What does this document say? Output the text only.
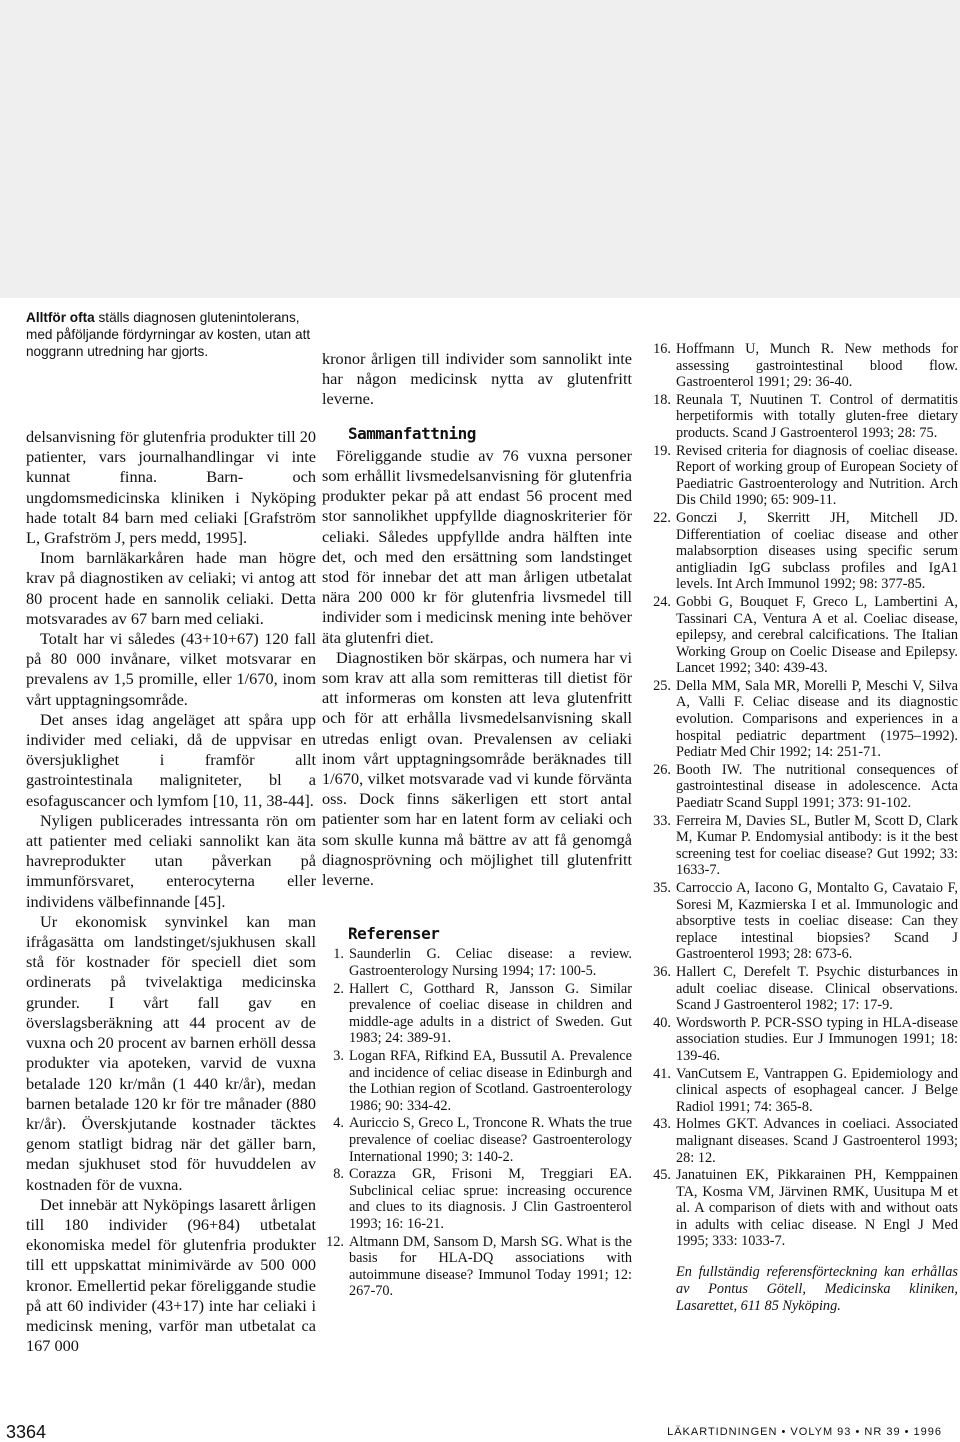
Alltför ofta ställs diagnosen glutenintolerans, med påföljande fördyrningar av kosten, utan att noggrann utredning har gjorts.

delsanvisning för glutenfria produkter till 20 patienter, vars journalhandlingar vi inte kunnat finna. Barn- och ungdomsmedicinska kliniken i Nyköping hade totalt 84 barn med celiaki [Grafström L, Grafström J, pers medd, 1995].

Inom barnläkarkåren hade man högre krav på diagnostiken av celiaki; vi antog att 80 procent hade en sannolik celiaki. Detta motsvarades av 67 barn med celiaki.

Totalt har vi således (43+10+67) 120 fall på 80 000 invånare, vilket motsvarar en prevalens av 1,5 promille, eller 1/670, inom vårt upptagningsområde.

Det anses idag angeläget att spåra upp individer med celiaki, då de uppvisar en översjuklighet i framför allt gastrointestinala maligniteter, bl a esofaguscancer och lymfom [10, 11, 38-44].

Nyligen publicerades intressanta rön om att patienter med celiaki sannolikt kan äta havreprodukter utan påverkan på immunförsvaret, enterocyterna eller individens välbefinnande [45].

Ur ekonomisk synvinkel kan man ifrågasätta om landstinget/sjukhusen skall stå för kostnader för speciell diet som ordinerats på tvivelaktiga medicinska grunder. I vårt fall gav en överslagsberäkning att 44 procent av de vuxna och 20 procent av barnen erhöll dessa produkter via apoteken, varvid de vuxna betalade 120 kr/mån (1 440 kr/år), medan barnen betalade 120 kr för tre månader (880 kr/år). Överskjutande kostnader täcktes genom statligt bidrag när det gäller barn, medan sjukhuset stod för huvuddelen av kostnaden för de vuxna.

Det innebär att Nyköpings lasarett årligen till 180 individer (96+84) utbetalat ekonomiska medel för glutenfria produkter till ett uppskattat minimivärde av 500 000 kronor. Emellertid pekar föreliggande studie på att 60 individer (43+17) inte har celiaki i medicinsk mening, varför man utbetalat ca 167 000

kronor årligen till individer som sannolikt inte har någon medicinsk nytta av glutenfritt leverne.

Sammanfattning

Föreliggande studie av 76 vuxna personer som erhållit livsmedelsanvisning för glutenfria produkter pekar på att endast 56 procent med stor sannolikhet uppfyllde diagnoskriterier för celiaki. Således uppfyllde andra hälften inte det, och med den ersättning som landstinget stod för innebar det att man årligen utbetalat nära 200 000 kr för glutenfria livsmedel till individer som i medicinsk mening inte behöver äta glutenfri diet.

Diagnostiken bör skärpas, och numera har vi som krav att alla som remitteras till dietist för att informeras om konsten att leva glutenfritt och för att erhålla livsmedelsanvisning skall utredas enligt ovan. Prevalensen av celiaki inom vårt upptagningsområde beräknades till 1/670, vilket motsvarade vad vi kunde förvänta oss. Dock finns säkerligen ett stort antal patienter som har en latent form av celiaki och som skulle kunna må bättre av att få genomgå diagnosprövning och möjlighet till glutenfritt leverne.

Referenser
1. Saunderlin G. Celiac disease: a review. Gastroenterology Nursing 1994; 17: 100-5.
2. Hallert C, Gotthard R, Jansson G. Similar prevalence of coeliac disease in children and middle-age adults in a district of Sweden. Gut 1983; 24: 389-91.
3. Logan RFA, Rifkind EA, Bussutil A. Prevalence and incidence of celiac disease in Edinburgh and the Lothian region of Scotland. Gastroenterology 1986; 90: 334-42.
4. Auriccio S, Greco L, Troncone R. Whats the true prevalence of coeliac disease? Gastroenterology International 1990; 3: 140-2.
8. Corazza GR, Frisoni M, Treggiari EA. Subclinical celiac sprue: increasing occurence and clues to its diagnosis. J Clin Gastroenterol 1993; 16: 16-21.
12. Altmann DM, Sansom D, Marsh SG. What is the basis for HLA-DQ associations with autoimmune disease? Immunol Today 1991; 12: 267-70.
16. Hoffmann U, Munch R. New methods for assessing gastrointestinal blood flow. Gastroenterol 1991; 29: 36-40.
18. Reunala T, Nuutinen T. Control of dermatitis herpetiformis with totally gluten-free dietary products. Scand J Gastroenterol 1993; 28: 75.
19. Revised criteria for diagnosis of coeliac disease. Report of working group of European Society of Paediatric Gastroenterology and Nutrition. Arch Dis Child 1990; 65: 909-11.
22. Gonczi J, Skerritt JH, Mitchell JD. Differentiation of coeliac disease and other malabsorption diseases using specific serum antigliadin IgG subclass profiles and IgA1 levels. Int Arch Immunol 1992; 98: 377-85.
24. Gobbi G, Bouquet F, Greco L, Lambertini A, Tassinari CA, Ventura A et al. Coeliac disease, epilepsy, and cerebral calcifications. The Italian Working Group on Coelic Disease and Epilepsy. Lancet 1992; 340: 439-43.
25. Della MM, Sala MR, Morelli P, Meschi V, Silva A, Valli F. Celiac disease and its diagnostic evolution. Comparisons and experiences in a hospital pediatric department (1975–1992). Pediatr Med Chir 1992; 14: 251-71.
26. Booth IW. The nutritional consequences of gastrointestinal disease in adolescence. Acta Paediatr Scand Suppl 1991; 373: 91-102.
33. Ferreira M, Davies SL, Butler M, Scott D, Clark M, Kumar P. Endomysial antibody: is it the best screening test for coeliac disease? Gut 1992; 33: 1633-7.
35. Carroccio A, Iacono G, Montalto G, Cavataio F, Soresi M, Kazmierska I et al. Immunologic and absorptive tests in coeliac disease: Can they replace intestinal biopsies? Scand J Gastroenterol 1993; 28: 673-6.
36. Hallert C, Derefelt T. Psychic disturbances in adult coeliac disease. Clinical observations. Scand J Gastroenterol 1982; 17: 17-9.
40. Wordsworth P. PCR-SSO typing in HLA-disease association studies. Eur J Immunogen 1991; 18: 139-46.
41. VanCutsem E, Vantrappen G. Epidemiology and clinical aspects of esophageal cancer. J Belge Radiol 1991; 74: 365-8.
43. Holmes GKT. Advances in coeliaci. Associated malignant diseases. Scand J Gastroenterol 1993; 28: 12.
45. Janatuinen EK, Pikkarainen PH, Kemppainen TA, Kosma VM, Järvinen RMK, Uusitupa M et al. A comparison of diets with and without oats in adults with celiac disease. N Engl J Med 1995; 333: 1033-7.
En fullständig referensförteckning kan erhållas av Pontus Götell, Medicinska kliniken, Lasarettet, 611 85 Nyköping.
3364	LÄKARTIDNINGEN • VOLYM 93 • NR 39 • 1996
